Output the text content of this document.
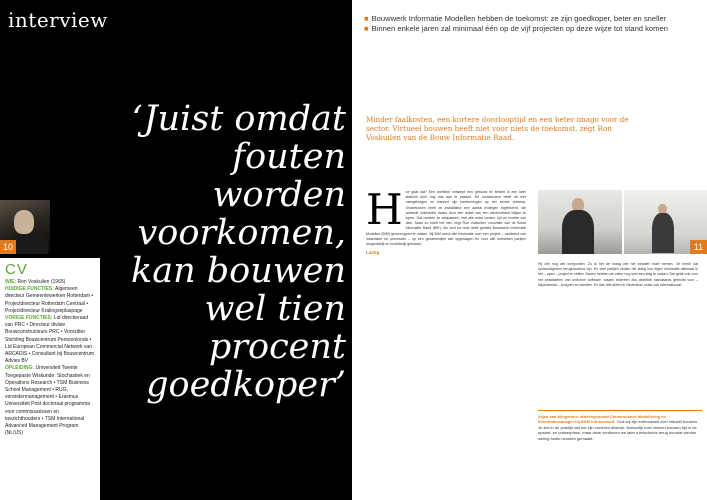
interview
‘Juist omdat fouten worden voorkomen, kan bouwen wel tien procent goedkoper’
10
CV
WIE: Ron Voskuilen (1965)
HUIDIGE FUNCTIES: Algemeen directeur Gemeentewerken Rotterdam • Projectdirecteur Rotterdam Centraal • Projectdirecteur Kralingseplaspage
VORIGE FUNCTIES: Lid directieraad van PRC • Directeur divisie Bouwconstructeurs PRC • Voorzitter Stichting Bouwcentrum Persoonlonds • Lid European Commercial Network van ARCADIS • Consultant bij Bouwcentrum Advies BV
OPLEIDING: Universiteit Twente Toegepaste Wiskunde: Stochastiek en Operations Research • TSM Business School Management • RUG, verandermanagement • Erasmus Universiteit Post doctoraal programma voor commissarissen en toezichthouders • TSM International Advanced Management Program (NL/US)
■ Bouwwerk Informatie Modellen hebben de toekomst: ze zijn goedkoper, beter en sneller
■ Binnen enkele jaren zal minimaal één op de vijf projecten op deze wijze tot stand komen
Minder faalkosten, een kortere doorlooptijd en een beter imago voor de sector. Virtueel bouwen heeft niet voor niets de toekomst, zegt Ron Voskuilen van de Bouw Informatie Raad.
H oe gaat dat? Een architect ontwerpt een gebouw en bestelt in een later stadium toch nog wat aan te passen. De constructeur heeft dit met meegekregen en baseert zijn berekeningen op het eerste ontwerp. Ondertussen heeft de installateur een aantal leidingen ingetekend, die achteraf onbedoeld dwars door een anker van een windverband blijken te lopen. Dat moeten ze aanpassen, met alle extra kosten, tijd en moeite van dien. Maar zo hoeft het niet, zegt Ron Voskuilen, voorzitter van de Bouw Informatie Raad (BIR), die zich tot doel heeft gesteld Bouwwerk Informatie Modellen (BIM) gemeengoed te maken. Bij BIM wordt alle informatie over een project – variërend van materialen tot processen – op een gezamenlijke site opgeslagen en voor alle betrokken partijen toegankelijk en inzichtelijk gemaakt.
Lastig
11
Hij ziet nog wel knelpunten. Zo is het de vraag wie het initiatief moet nemen. 'Je merkt dat opdrachtgevers terughoudend zijn. En veel partijen vinden het lastig hun eigen informatie allemaal in het – open – project te zetten. Daarin hebben we zeker nog veel een slag te maken. Dat geldt ook voor het ontwikkelen van uniforme software, waarin iedereen dus dezelfde standaards gebruikt voor – bijvoorbeeld – kozijnen en wanden. En dan niet alleen in Nederland, maar ook internationaal.'
Arjan van Wingerden, afdelingshoofd Constructieve Modellering en Informatiemanager bij BAM Infraconsult: 'Ook wij zijn enthousiast over virtueel bouwen. Je ziet in de praktijk dat het zijn vruchten afwerpt. Natuurlijk kost virtueel bouwen tijd in de opstart- en ontwerpfase, maar deze verdienen we later ruimschoots terug doordat slechts weinig fouten worden gemaakt.'
